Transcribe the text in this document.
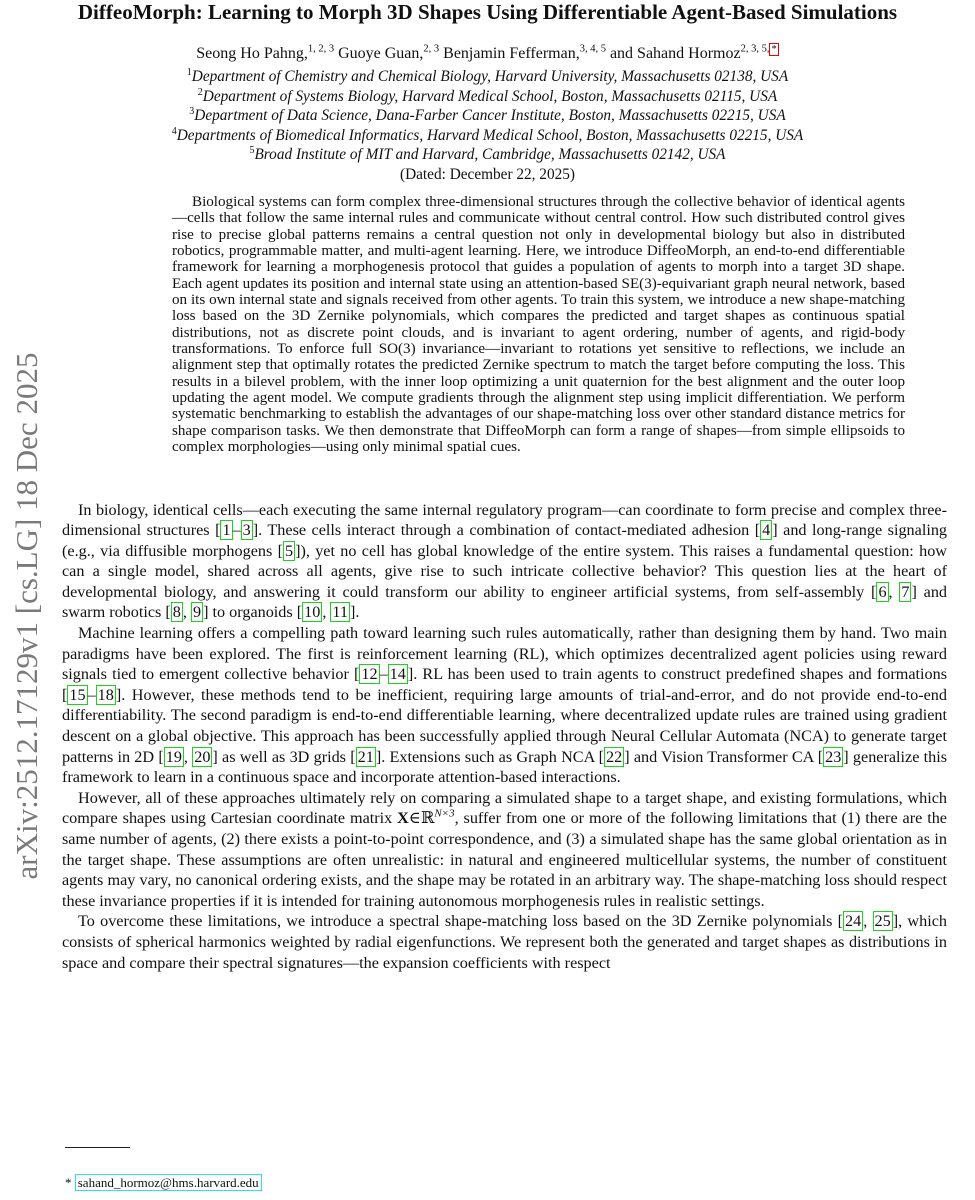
arXiv:2512.17129v1 [cs.LG] 18 Dec 2025
DiffeoMorph: Learning to Morph 3D Shapes Using Differentiable Agent-Based Simulations
Seong Ho Pahng,$^{1, 2, 3}$ Guoye Guan,$^{2, 3}$ Benjamin Fefferman,$^{3, 4, 5}$ and Sahand Hormoz$^{2, 3, 5, *}$
$^1$Department of Chemistry and Chemical Biology, Harvard University, Massachusetts 02138, USA
$^2$Department of Systems Biology, Harvard Medical School, Boston, Massachusetts 02115, USA
$^3$Department of Data Science, Dana-Farber Cancer Institute, Boston, Massachusetts 02215, USA
$^4$Departments of Biomedical Informatics, Harvard Medical School, Boston, Massachusetts 02215, USA
$^5$Broad Institute of MIT and Harvard, Cambridge, Massachusetts 02142, USA
(Dated: December 22, 2025)
Biological systems can form complex three-dimensional structures through the collective behavior of identical agents—cells that follow the same internal rules and communicate without central control. How such distributed control gives rise to precise global patterns remains a central question not only in developmental biology but also in distributed robotics, programmable matter, and multi-agent learning. Here, we introduce DiffeoMorph, an end-to-end differentiable framework for learning a morphogenesis protocol that guides a population of agents to morph into a target 3D shape. Each agent updates its position and internal state using an attention-based SE(3)-equivariant graph neural network, based on its own internal state and signals received from other agents. To train this system, we introduce a new shape-matching loss based on the 3D Zernike polynomials, which compares the predicted and target shapes as continuous spatial distributions, not as discrete point clouds, and is invariant to agent ordering, number of agents, and rigid-body transformations. To enforce full SO(3) invariance—invariant to rotations yet sensitive to reflections, we include an alignment step that optimally rotates the predicted Zernike spectrum to match the target before computing the loss. This results in a bilevel problem, with the inner loop optimizing a unit quaternion for the best alignment and the outer loop updating the agent model. We compute gradients through the alignment step using implicit differentiation. We perform systematic benchmarking to establish the advantages of our shape-matching loss over other standard distance metrics for shape comparison tasks. We then demonstrate that DiffeoMorph can form a range of shapes—from simple ellipsoids to complex morphologies—using only minimal spatial cues.

In biology, identical cells—each executing the same internal regulatory program—can coordinate to form precise and complex three-dimensional structures [ 1 – 3 ]. These cells interact through a combination of contact-mediated adhesion [ 4 ] and long-range signaling (e.g., via diffusible morphogens [ 5 ]), yet no cell has global knowledge of the entire system. This raises a fundamental question: how can a single model, shared across all agents, give rise to such intricate collective behavior? This question lies at the heart of developmental biology, and answering it could transform our ability to engineer artificial systems, from self-assembly [ 6 , 7 ] and swarm robotics [ 8 , 9 ] to organoids [ 10 , 11 ].

Machine learning offers a compelling path toward learning such rules automatically, rather than designing them by hand. Two main paradigms have been explored. The first is reinforcement learning (RL), which optimizes decentralized agent policies using reward signals tied to emergent collective behavior [ 12 – 14 ]. RL has been used to train agents to construct predefined shapes and formations [ 15 – 18 ]. However, these methods tend to be inefficient, requiring large amounts of trial-and-error, and do not provide end-to-end differentiability. The second paradigm is end-to-end differentiable learning, where decentralized update rules are trained using gradient descent on a global objective. This approach has been successfully applied through Neural Cellular Automata (NCA) to generate target patterns in 2D [ 19 , 20 ] as well as 3D grids [ 21 ]. Extensions such as Graph NCA [ 22 ] and Vision Transformer CA [ 23 ] generalize this framework to learn in a continuous space and incorporate attention-based interactions.

However, all of these approaches ultimately rely on comparing a simulated shape to a target shape, and existing formulations, which compare shapes using Cartesian coordinate matrix X∈ℝ$^{N\times 3}$, suffer from one or more of the following limitations that (1) there are the same number of agents, (2) there exists a point-to-point correspondence, and (3) a simulated shape has the same global orientation as in the target shape. These assumptions are often unrealistic: in natural and engineered multicellular systems, the number of constituent agents may vary, no canonical ordering exists, and the shape may be rotated in an arbitrary way. The shape-matching loss should respect these invariance properties if it is intended for training autonomous morphogenesis rules in realistic settings.

To overcome these limitations, we introduce a spectral shape-matching loss based on the 3D Zernike polynomials [ 24 , 25 ], which consists of spherical harmonics weighted by radial eigenfunctions. We represent both the generated and target shapes as distributions in space and compare their spectral signatures—the expansion coefficients with respect

* sahand_hormoz@hms.harvard.edu
